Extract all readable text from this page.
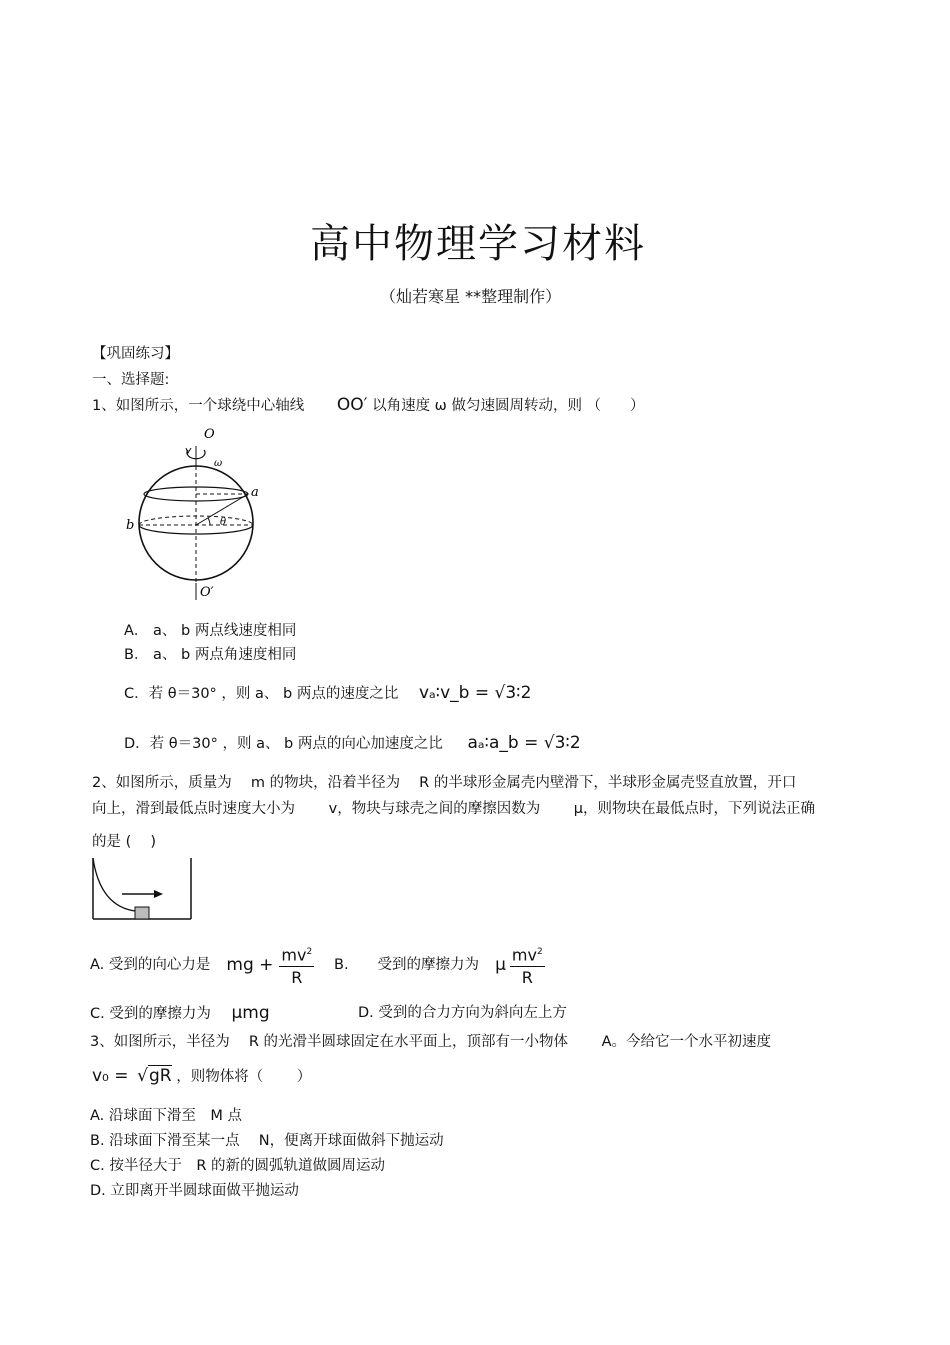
高中物理学习材料
（灿若寒星 **整理制作）
【巩固练习】
一、选择题:
1、如图所示，一个球绕中心轴线 OO′ 以角速度 ω 做匀速圆周转动，则 （　　）
O
ω
a
b	θ
O′
A． a、 b 两点线速度相同
B． a、 b 两点角速度相同
C．若 θ＝30° ，则 a、 b 两点的速度之比 vₐ∶v_b = √3∶2
D．若 θ＝30° ，则 a、 b 两点的向心加速度之比 aₐ∶a_b = √3∶2
2、如图所示，质量为　 m 的物块，沿着半径为　 R 的半球形金属壳内壁滑下，半球形金属壳竖直放置，开口
向上，滑到最低点时速度大小为　　 v，物块与球壳之间的摩擦因数为　　 μ，则物块在最低点时，下列说法正确
的是 (　 )
A. 受到的向心力是 mg + $\frac{mv^2}{R} B$.　　受到的摩擦力为 μ $\frac{mv^2}{R}$
C. 受到的摩擦力为 μmg	D. 受到的合力方向为斜向左上方
3、如图所示，半径为　 R 的光滑半圆球固定在水平面上，顶部有一小物体　　 A。今给它一个水平初速度
v₀ = √gR ，则物体将（　　 ）
A. 沿球面下滑至　M 点
B. 沿球面下滑至某一点　 N，便离开球面做斜下抛运动
C. 按半径大于　R 的新的圆弧轨道做圆周运动
D. 立即离开半圆球面做平抛运动
